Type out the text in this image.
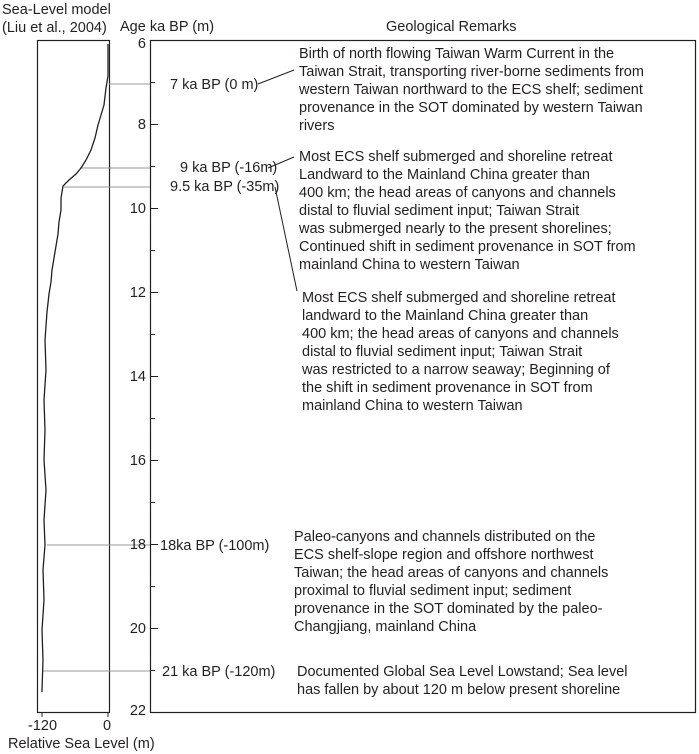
Sea-Level model
(Liu et al., 2004) Age ka BP (m)	Geological Remarks
6
8
10
12
14
16
18
20
22
-120	0
Relative Sea Level (m)
7 ka BP (0 m)
9 ka BP (-16m)
9.5 ka BP (-35m)
18ka BP (-100m)
21 ka BP (-120m)
Birth of north flowing Taiwan Warm Current in the
Taiwan Strait, transporting river-borne sediments from
western Taiwan northward to the ECS shelf; sediment
provenance in the SOT dominated by western Taiwan
rivers
Most ECS shelf submerged and shoreline retreat
Landward to the Mainland China greater than
400 km; the head areas of canyons and channels
distal to fluvial sediment input; Taiwan Strait
was submerged nearly to the present shorelines;
Continued shift in sediment provenance in SOT from
mainland China to western Taiwan
Most ECS shelf submerged and shoreline retreat
landward to the Mainland China greater than
400 km; the head areas of canyons and channels
distal to fluvial sediment input; Taiwan Strait
was restricted to a narrow seaway; Beginning of
the shift in sediment provenance in SOT from
mainland China to western Taiwan
Paleo-canyons and channels distributed on the
ECS shelf-slope region and offshore northwest
Taiwan; the head areas of canyons and channels
proximal to fluvial sediment input; sediment
provenance in the SOT dominated by the paleo-
Changjiang, mainland China
Documented Global Sea Level Lowstand; Sea level
has fallen by about 120 m below present shoreline
